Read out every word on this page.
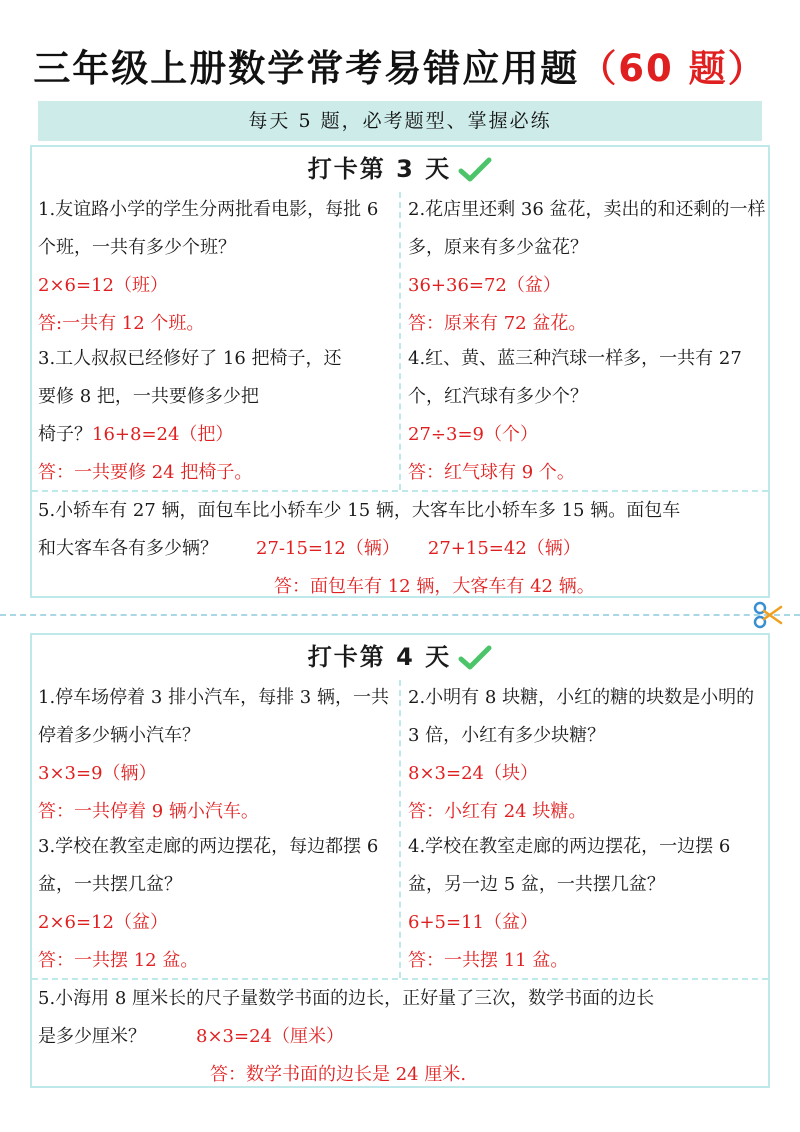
三年级上册数学常考易错应用题（60 题）
每天 5 题，必考题型、掌握必练
打卡第 3 天
1.友谊路小学的学生分两批看电影，每批 6 个班，一共有多少个班？
2×6=12（班）
答:一共有 12 个班。
2.花店里还剩 36 盆花，卖出的和还剩的一样多，原来有多少盆花？
36+36=72（盆）
答：原来有 72 盆花。
3.工人叔叔已经修好了 16 把椅子，还
要修 8 把，一共要修多少把
椅子？16+8=24（把）
答：一共要修 24 把椅子。
4.红、黄、蓝三种汽球一样多，一共有 27 个，红汽球有多少个？
27÷3=9（个）
答：红气球有 9 个。
5.小轿车有 27 辆，面包车比小轿车少 15 辆，大客车比小轿车多 15 辆。面包车
和大客车各有多少辆？ 27-15=12（辆） 27+15=42（辆）
答：面包车有 12 辆，大客车有 42 辆。
打卡第 4 天
1.停车场停着 3 排小汽车，每排 3 辆，一共停着多少辆小汽车？
3×3=9（辆）
答：一共停着 9 辆小汽车。
2.小明有 8 块糖，小红的糖的块数是小明的 3 倍，小红有多少块糖？
8×3=24（块）
答：小红有 24 块糖。
3.学校在教室走廊的两边摆花，每边都摆 6 盆，一共摆几盆？
2×6=12（盆）
答：一共摆 12 盆。
4.学校在教室走廊的两边摆花，一边摆 6 盆，另一边 5 盆，一共摆几盆？
6+5=11（盆）
答：一共摆 11 盆。
5.小海用 8 厘米长的尺子量数学书面的边长，正好量了三次，数学书面的边长
是多少厘米？	8×3=24（厘米）
答：数学书面的边长是 24 厘米.
